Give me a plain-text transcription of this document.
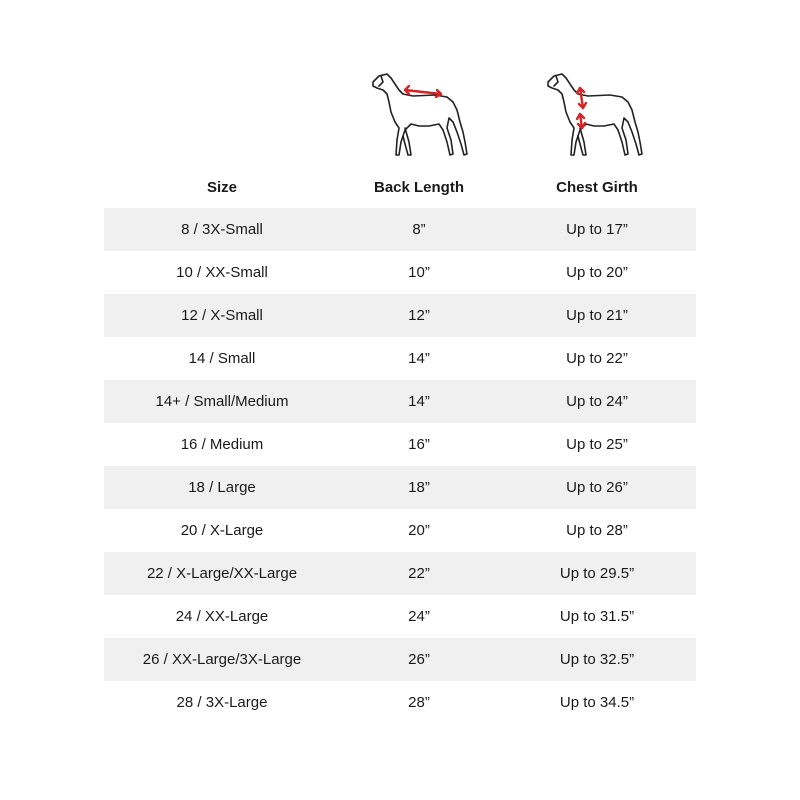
Size	Back Length	Chest Girth
8 / 3X-Small	8”	Up to 17”
10 / XX-Small	10”	Up to 20”
12 / X-Small	12”	Up to 21”
14 / Small	14”	Up to 22”
14+ / Small/Medium	14”	Up to 24”
16 / Medium	16”	Up to 25”
18 / Large	18”	Up to 26”
20 / X-Large	20”	Up to 28”
22 / X-Large/XX-Large	22”	Up to 29.5”
24 / XX-Large	24”	Up to 31.5”
26 / XX-Large/3X-Large	26”	Up to 32.5”
28 / 3X-Large	28”	Up to 34.5”
